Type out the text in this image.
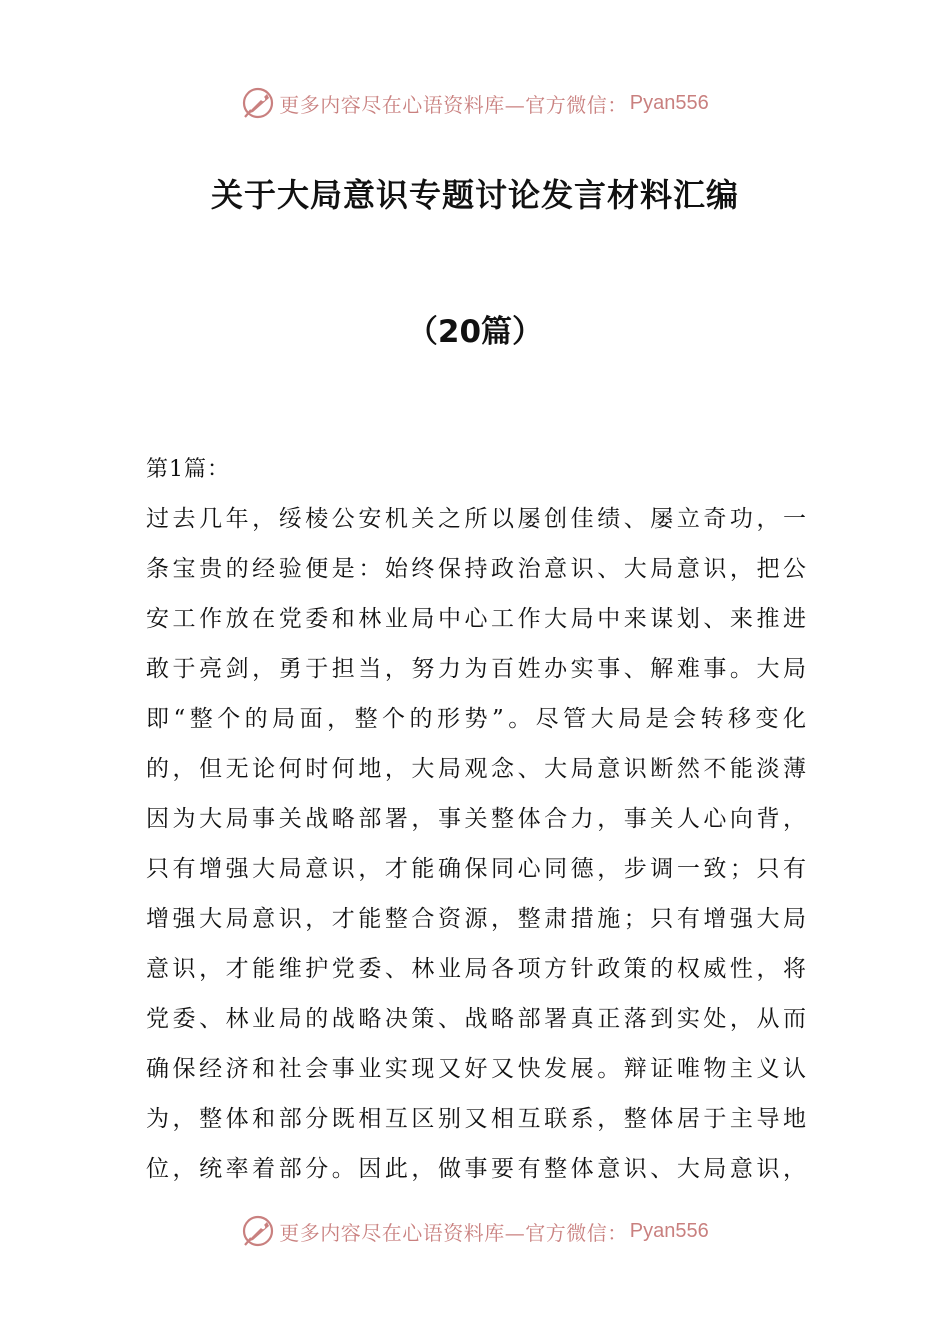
更多内容尽在心语资料库—官方微信： Pyan556
关于大局意识专题讨论发言材料汇编
（20篇）
第1篇：
过去几年，绥棱公安机关之所以屡创佳绩、屡立奇功，一
条宝贵的经验便是：始终保持政治意识、大局意识，把公
安工作放在党委和林业局中心工作大局中来谋划、来推进
敢于亮剑，勇于担当，努力为百姓办实事、解难事。大局
即“整个的局面，整个的形势”。尽管大局是会转移变化
的，但无论何时何地，大局观念、大局意识断然不能淡薄
因为大局事关战略部署，事关整体合力，事关人心向背，
只有增强大局意识，才能确保同心同德，步调一致；只有
增强大局意识，才能整合资源，整肃措施；只有增强大局
意识，才能维护党委、林业局各项方针政策的权威性，将
党委、林业局的战略决策、战略部署真正落到实处，从而
确保经济和社会事业实现又好又快发展。辩证唯物主义认
为，整体和部分既相互区别又相互联系，整体居于主导地
位，统率着部分。因此，做事要有整体意识、大局意识，
更多内容尽在心语资料库—官方微信： Pyan556
